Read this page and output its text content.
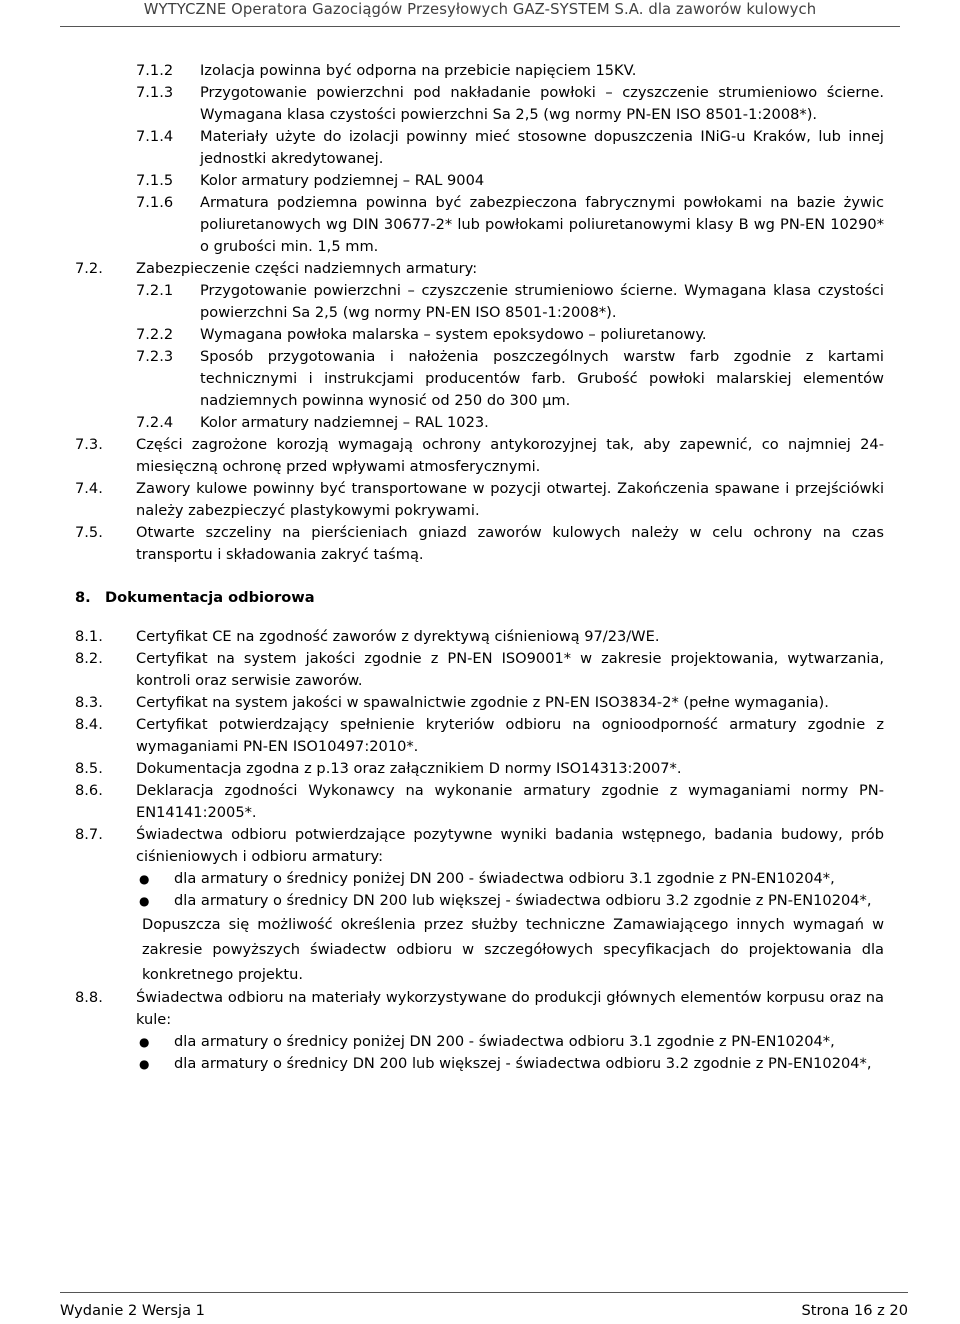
WYTYCZNE Operatora Gazociągów Przesyłowych GAZ-SYSTEM S.A. dla zaworów kulowych
7.1.2 Izolacja powinna być odporna na przebicie napięciem 15KV.
7.1.3 Przygotowanie powierzchni pod nakładanie powłoki – czyszczenie strumieniowo ścierne. Wymagana klasa czystości powierzchni Sa 2,5 (wg normy PN-EN ISO 8501-1:2008*).
7.1.4 Materiały użyte do izolacji powinny mieć stosowne dopuszczenia INiG-u Kraków, lub innej jednostki akredytowanej.
7.1.5 Kolor armatury podziemnej – RAL 9004
7.1.6 Armatura podziemna powinna być zabezpieczona fabrycznymi powłokami na bazie żywic poliuretanowych wg DIN 30677-2* lub powłokami poliuretanowymi klasy B wg PN-EN 10290* o grubości min. 1,5 mm.
7.2. Zabezpieczenie części nadziemnych armatury:
7.2.1 Przygotowanie powierzchni – czyszczenie strumieniowo ścierne. Wymagana klasa czystości powierzchni Sa 2,5 (wg normy PN-EN ISO 8501-1:2008*).
7.2.2 Wymagana powłoka malarska – system epoksydowo – poliuretanowy.
7.2.3 Sposób przygotowania i nałożenia poszczególnych warstw farb zgodnie z kartami technicznymi i instrukcjami producentów farb. Grubość powłoki malarskiej elementów nadziemnych powinna wynosić od 250 do 300 µm.
7.2.4 Kolor armatury nadziemnej – RAL 1023.
7.3. Części zagrożone korozją wymagają ochrony antykorozyjnej tak, aby zapewnić, co najmniej 24-miesięczną ochronę przed wpływami atmosferycznymi.
7.4. Zawory kulowe powinny być transportowane w pozycji otwartej. Zakończenia spawane i przejściówki należy zabezpieczyć plastykowymi pokrywami.
7.5. Otwarte szczeliny na pierścieniach gniazd zaworów kulowych należy w celu ochrony na czas transportu i składowania zakryć taśmą.
8. Dokumentacja odbiorowa
8.1. Certyfikat CE na zgodność zaworów z dyrektywą ciśnieniową 97/23/WE.
8.2. Certyfikat na system jakości zgodnie z PN-EN ISO9001* w zakresie projektowania, wytwarzania, kontroli oraz serwisie zaworów.
8.3. Certyfikat na system jakości w spawalnictwie zgodnie z PN-EN ISO3834-2* (pełne wymagania).
8.4. Certyfikat potwierdzający spełnienie kryteriów odbioru na ognioodporność armatury zgodnie z wymaganiami PN-EN ISO10497:2010*.
8.5. Dokumentacja zgodna z p.13 oraz załącznikiem D normy ISO14313:2007*.
8.6. Deklaracja zgodności Wykonawcy na wykonanie armatury zgodnie z wymaganiami normy PN-EN14141:2005*.
8.7. Świadectwa odbioru potwierdzające pozytywne wyniki badania wstępnego, badania budowy, prób ciśnieniowych i odbioru armatury:
● dla armatury o średnicy poniżej DN 200 - świadectwa odbioru 3.1 zgodnie z PN-EN10204*,
● dla armatury o średnicy DN 200 lub większej - świadectwa odbioru 3.2 zgodnie z PN-EN10204*,
Dopuszcza się możliwość określenia przez służby techniczne Zamawiającego innych wymagań w zakresie powyższych świadectw odbioru w szczegółowych specyfikacjach do projektowania dla konkretnego projektu.
8.8. Świadectwa odbioru na materiały wykorzystywane do produkcji głównych elementów korpusu oraz na kule:
● dla armatury o średnicy poniżej DN 200 - świadectwa odbioru 3.1 zgodnie z PN-EN10204*,
● dla armatury o średnicy DN 200 lub większej - świadectwa odbioru 3.2 zgodnie z PN-EN10204*,
Wydanie 2 Wersja 1	Strona 16 z 20
